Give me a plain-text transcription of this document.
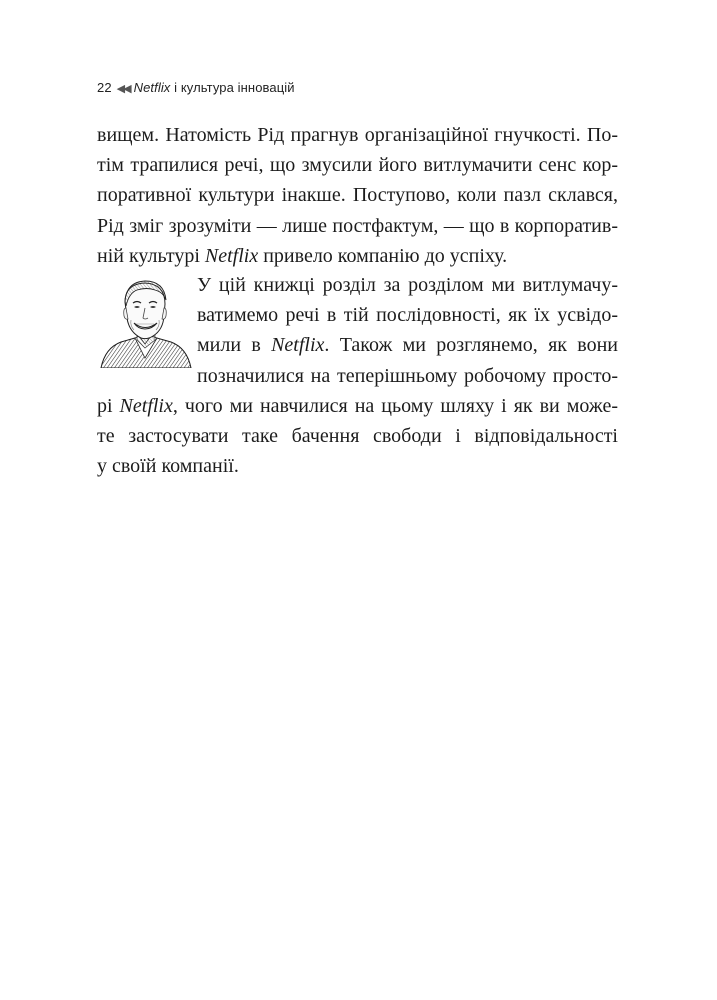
22 ◀◀ Netflix і культура інновацій
вищем. Натомість Рід прагнув організаційної гнучкості. По-
тім трапилися речі, що змусили його витлумачити сенс кор-
поративної культури інакше. Поступово, коли пазл склався,
Рід зміг зрозуміти — лише постфактум, — що в корпоратив-
ній культурі Netflix привело компанію до успіху.
У цій книжці розділ за розділом ми витлумачу-
ватимемо речі в тій послідовності, як їх усвідо-
мили в Netflix. Також ми розглянемо, як вони
позначилися на теперішньому робочому просто-
рі Netflix, чого ми навчилися на цьому шляху і як ви може-
те застосувати таке бачення свободи і відповідальності
у своїй компанії.
